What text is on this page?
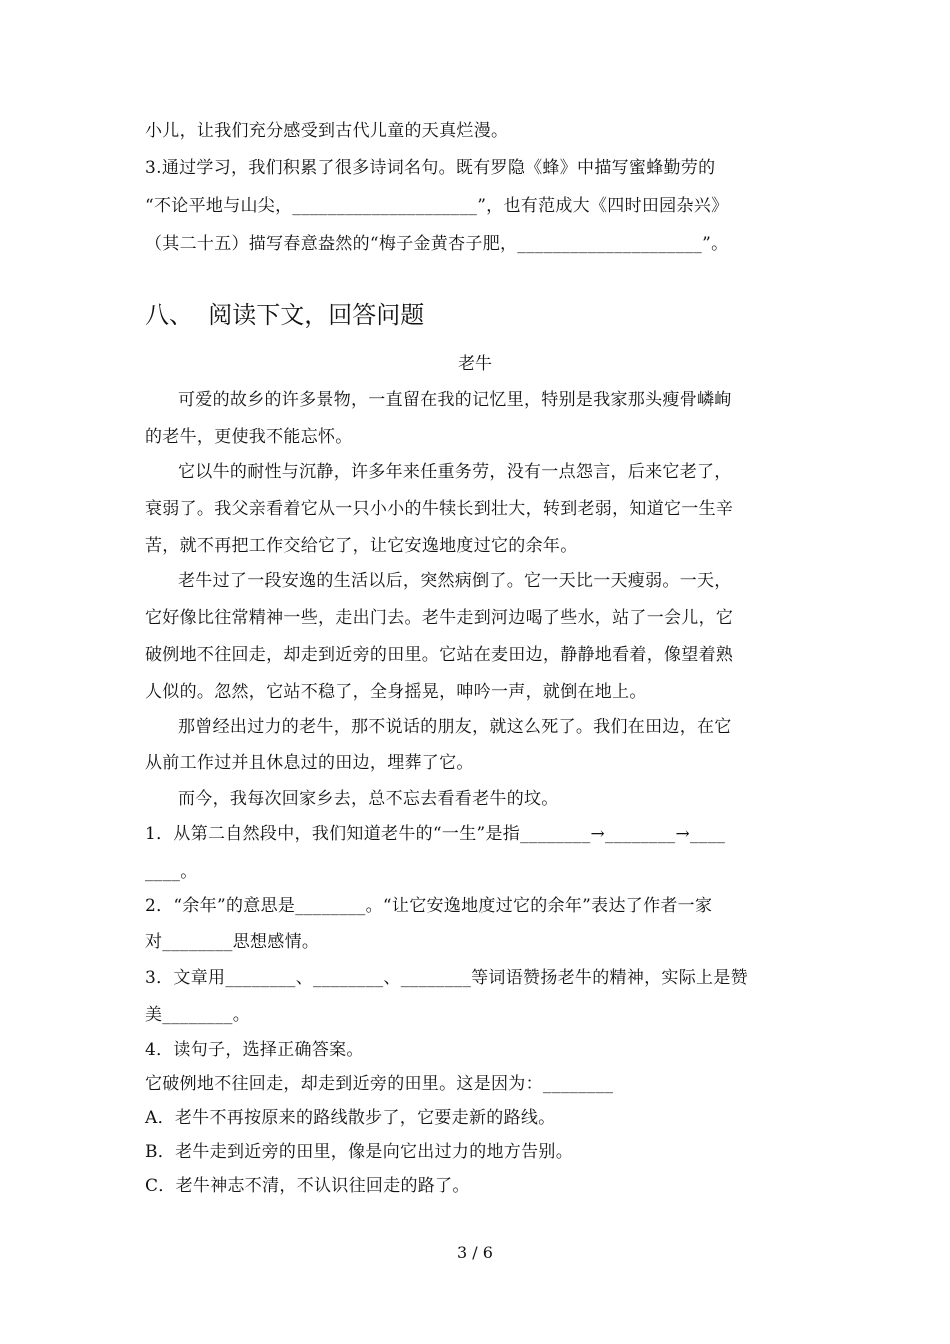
小儿，让我们充分感受到古代儿童的天真烂漫。
3.通过学习，我们积累了很多诗词名句。既有罗隐《蜂》中描写蜜蜂勤劳的
“不论平地与山尖，_____________________”，也有范成大《四时田园杂兴》
（其二十五）描写春意盎然的“梅子金黄杏子肥，_____________________”。
八、  阅读下文，回答问题
老牛
可爱的故乡的许多景物，一直留在我的记忆里，特别是我家那头瘦骨嶙峋
的老牛，更使我不能忘怀。
它以牛的耐性与沉静，许多年来任重务劳，没有一点怨言，后来它老了，
衰弱了。我父亲看着它从一只小小的牛犊长到壮大，转到老弱，知道它一生辛
苦，就不再把工作交给它了，让它安逸地度过它的余年。
老牛过了一段安逸的生活以后，突然病倒了。它一天比一天瘦弱。一天，
它好像比往常精神一些，走出门去。老牛走到河边喝了些水，站了一会儿，它
破例地不往回走，却走到近旁的田里。它站在麦田边，静静地看着，像望着熟
人似的。忽然，它站不稳了，全身摇晃，呻吟一声，就倒在地上。
那曾经出过力的老牛，那不说话的朋友，就这么死了。我们在田边，在它
从前工作过并且休息过的田边，埋葬了它。
而今，我每次回家乡去，总不忘去看看老牛的坟。
1．从第二自然段中，我们知道老牛的“一生”是指________→________→____
____。
2．“余年”的意思是________。“让它安逸地度过它的余年”表达了作者一家
对________思想感情。
3．文章用________、________、________等词语赞扬老牛的精神，实际上是赞
美________。
4．读句子，选择正确答案。
它破例地不往回走，却走到近旁的田里。这是因为：________
A．老牛不再按原来的路线散步了，它要走新的路线。
B．老牛走到近旁的田里，像是向它出过力的地方告别。
C．老牛神志不清，不认识往回走的路了。
3 / 6
